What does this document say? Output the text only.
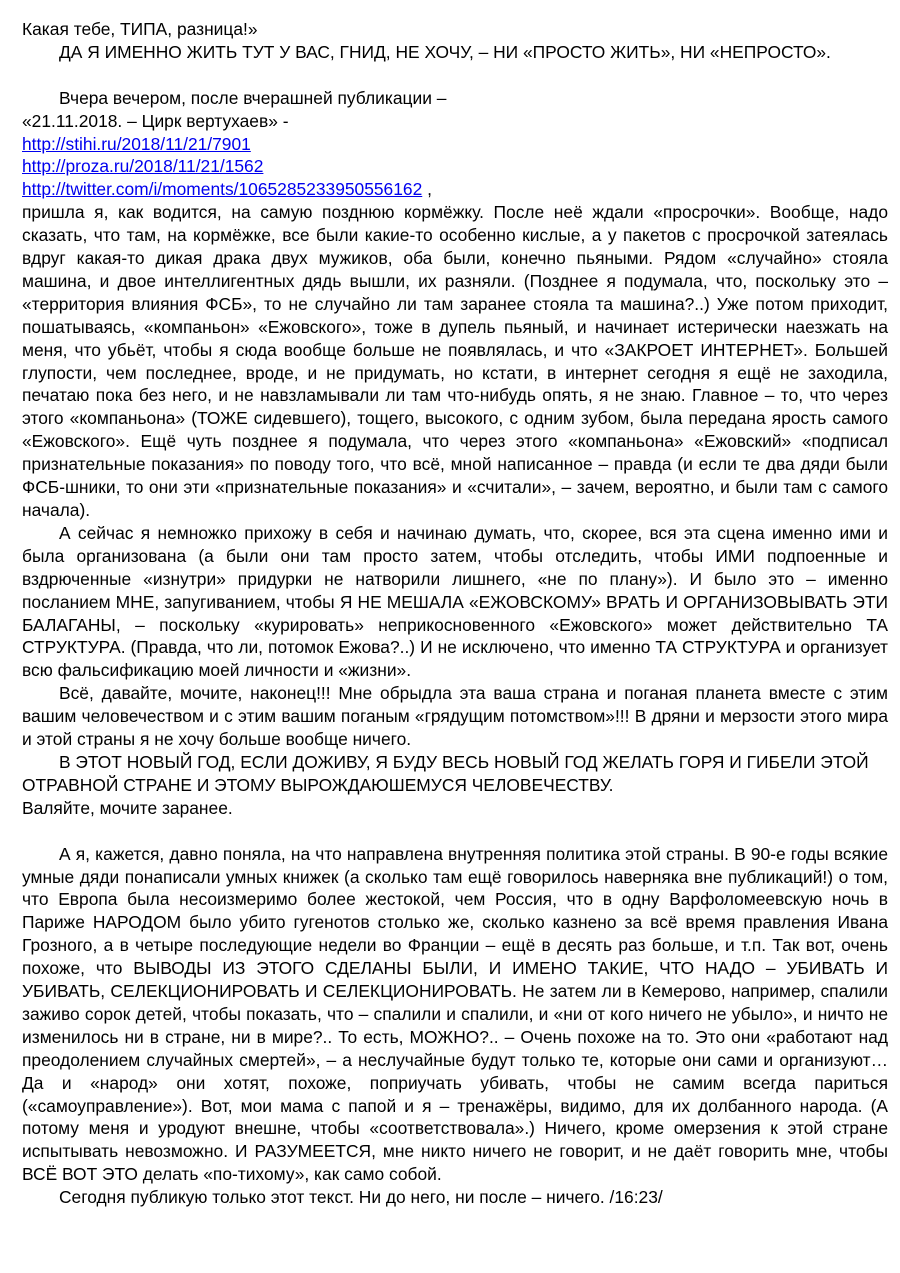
Какая тебе, ТИПА, разница!»

ДА Я ИМЕННО ЖИТЬ ТУТ У ВАС, ГНИД, НЕ ХОЧУ, – НИ «ПРОСТО ЖИТЬ», НИ «НЕПРОСТО».

Вчера вечером, после вчерашней публикации –

«21.11.2018. – Цирк вертухаев» -

http://stihi.ru/2018/11/21/7901

http://proza.ru/2018/11/21/1562

http://twitter.com/i/moments/1065285233950556162 ,

пришла я, как водится, на самую позднюю кормёжку. После неё ждали «просрочки». Вообще, надо сказать, что там, на кормёжке, все были какие-то особенно кислые, а у пакетов с просрочкой затеялась вдруг какая-то дикая драка двух мужиков, оба были, конечно пьяными. Рядом «случайно» стояла машина, и двое интеллигентных дядь вышли, их разняли. (Позднее я подумала, что, поскольку это – «территория влияния ФСБ», то не случайно ли там заранее стояла та машина?..) Уже потом приходит, пошатываясь, «компаньон» «Ежовского», тоже в дупель пьяный, и начинает истерически наезжать на меня, что убьёт, чтобы я сюда вообще больше не появлялась, и что «ЗАКРОЕТ ИНТЕРНЕТ». Большей глупости, чем последнее, вроде, и не придумать, но кстати, в интернет сегодня я ещё не заходила, печатаю пока без него, и не навзламывали ли там что-нибудь опять, я не знаю. Главное – то, что через этого «компаньона» (ТОЖЕ сидевшего), тощего, высокого, с одним зубом, была передана ярость самого «Ежовского». Ещё чуть позднее я подумала, что через этого «компаньона» «Ежовский» «подписал признательные показания» по поводу того, что всё, мной написанное – правда (и если те два дяди были ФСБ-шники, то они эти «признательные показания» и «считали», – зачем, вероятно, и были там с самого начала).

А сейчас я немножко прихожу в себя и начинаю думать, что, скорее, вся эта сцена именно ими и была организована (а были они там просто затем, чтобы отследить, чтобы ИМИ подпоенные и вздрюченные «изнутри» придурки не натворили лишнего, «не по плану»). И было это – именно посланием МНЕ, запугиванием, чтобы Я НЕ МЕШАЛА «ЕЖОВСКОМУ» ВРАТЬ И ОРГАНИЗОВЫВАТЬ ЭТИ БАЛАГАНЫ, – поскольку «курировать» неприкосновенного «Ежовского» может действительно ТА СТРУКТУРА. (Правда, что ли, потомок Ежова?..) И не исключено, что именно ТА СТРУКТУРА и организует всю фальсификацию моей личности и «жизни».

Всё, давайте, мочите, наконец!!! Мне обрыдла эта ваша страна и поганая планета вместе с этим вашим человечеством и с этим вашим поганым «грядущим потомством»!!! В дряни и мерзости этого мира и этой страны я не хочу больше вообще ничего.

В ЭТОТ НОВЫЙ ГОД, ЕСЛИ ДОЖИВУ, Я БУДУ ВЕСЬ НОВЫЙ ГОД ЖЕЛАТЬ ГОРЯ И ГИБЕЛИ ЭТОЙ ОТРАВНОЙ СТРАНЕ И ЭТОМУ ВЫРОЖДАЮШЕМУСЯ ЧЕЛОВЕЧЕСТВУ.

Валяйте, мочите заранее.

А я, кажется, давно поняла, на что направлена внутренняя политика этой страны. В 90-е годы всякие умные дяди понаписали умных книжек (а сколько там ещё говорилось наверняка вне публикаций!) о том, что Европа была несоизмеримо более жестокой, чем Россия, что в одну Варфоломеевскую ночь в Париже НАРОДОМ было убито гугенотов столько же, сколько казнено за всё время правления Ивана Грозного, а в четыре последующие недели во Франции – ещё в десять раз больше, и т.п. Так вот, очень похоже, что ВЫВОДЫ ИЗ ЭТОГО СДЕЛАНЫ БЫЛИ, И ИМЕНО ТАКИЕ, ЧТО НАДО – УБИВАТЬ И УБИВАТЬ, СЕЛЕКЦИОНИРОВАТЬ И СЕЛЕКЦИОНИРОВАТЬ. Не затем ли в Кемерово, например, спалили заживо сорок детей, чтобы показать, что – спалили и спалили, и «ни от кого ничего не убыло», и ничто не изменилось ни в стране, ни в мире?.. То есть, МОЖНО?.. – Очень похоже на то. Это они «работают над преодолением случайных смертей», – а неслучайные будут только те, которые они сами и организуют… Да и «народ» они хотят, похоже, поприучать убивать, чтобы не самим всегда париться («самоуправление»). Вот, мои мама с папой и я – тренажёры, видимо, для их долбанного народа. (А потому меня и уродуют внешне, чтобы «соответствовала».) Ничего, кроме омерзения к этой стране испытывать невозможно. И РАЗУМЕЕТСЯ, мне никто ничего не говорит, и не даёт говорить мне, чтобы ВСЁ ВОТ ЭТО делать «по-тихому», как само собой.

Сегодня публикую только этот текст. Ни до него, ни после – ничего. /16:23/
